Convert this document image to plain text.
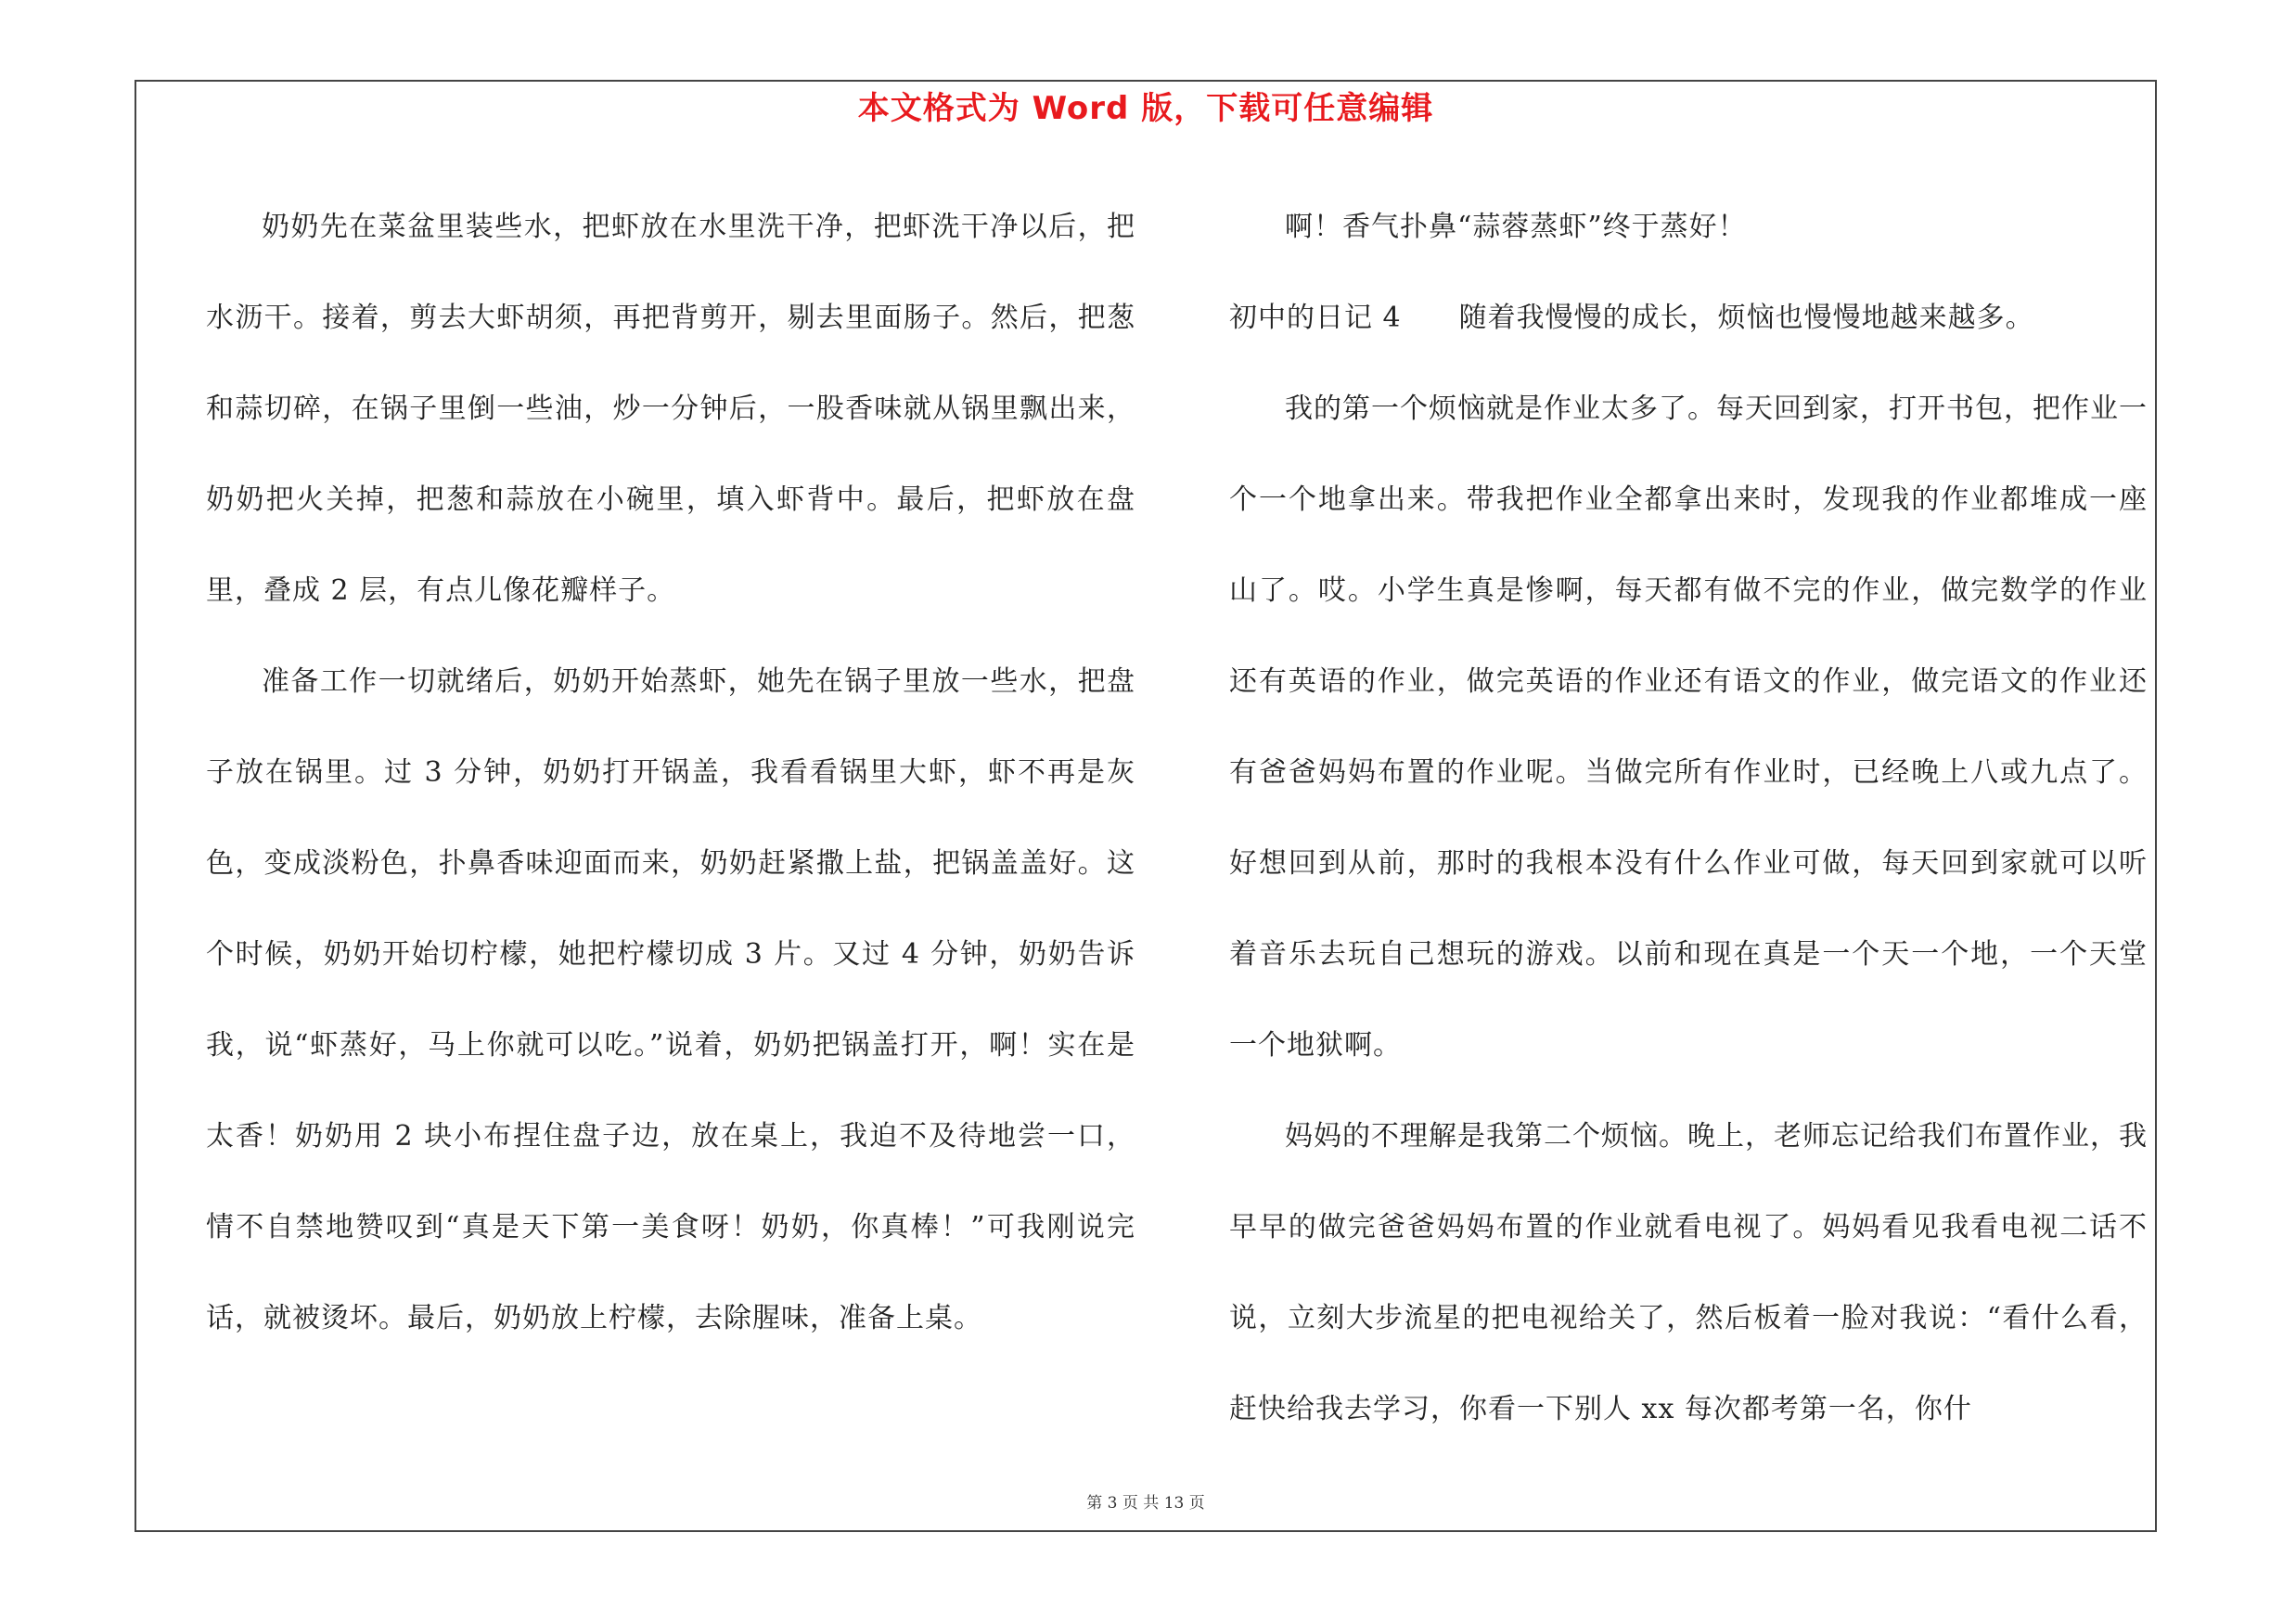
本文格式为 Word 版，下载可任意编辑

奶奶先在菜盆里装些水，把虾放在水里洗干净，把虾洗干净以后，把水沥干。接着，剪去大虾胡须，再把背剪开，剔去里面肠子。然后，把葱和蒜切碎，在锅子里倒一些油，炒一分钟后，一股香味就从锅里飘出来，奶奶把火关掉，把葱和蒜放在小碗里，填入虾背中。最后，把虾放在盘里，叠成 2 层，有点儿像花瓣样子。

准备工作一切就绪后，奶奶开始蒸虾，她先在锅子里放一些水，把盘子放在锅里。过 3 分钟，奶奶打开锅盖，我看看锅里大虾，虾不再是灰色，变成淡粉色，扑鼻香味迎面而来，奶奶赶紧撒上盐，把锅盖盖好。这个时候，奶奶开始切柠檬，她把柠檬切成 3 片。又过 4 分钟，奶奶告诉我，说“虾蒸好，马上你就可以吃。”说着，奶奶把锅盖打开，啊！实在是太香！奶奶用 2 块小布捏住盘子边，放在桌上，我迫不及待地尝一口，情不自禁地赞叹到“真是天下第一美食呀！奶奶，你真棒！”可我刚说完话，就被烫坏。最后，奶奶放上柠檬，去除腥味，准备上桌。

啊！香气扑鼻“蒜蓉蒸虾”终于蒸好！

初中的日记 4　　随着我慢慢的成长，烦恼也慢慢地越来越多。

我的第一个烦恼就是作业太多了。每天回到家，打开书包，把作业一个一个地拿出来。带我把作业全都拿出来时，发现我的作业都堆成一座山了。哎。小学生真是惨啊，每天都有做不完的作业，做完数学的作业还有英语的作业，做完英语的作业还有语文的作业，做完语文的作业还有爸爸妈妈布置的作业呢。当做完所有作业时，已经晚上八或九点了。好想回到从前，那时的我根本没有什么作业可做，每天回到家就可以听着音乐去玩自己想玩的游戏。以前和现在真是一个天一个地，一个天堂一个地狱啊。

妈妈的不理解是我第二个烦恼。晚上，老师忘记给我们布置作业，我早早的做完爸爸妈妈布置的作业就看电视了。妈妈看见我看电视二话不说，立刻大步流星的把电视给关了，然后板着一脸对我说：“看什么看，赶快给我去学习，你看一下别人 xx 每次都考第一名，你什

第 3 页 共 13 页
